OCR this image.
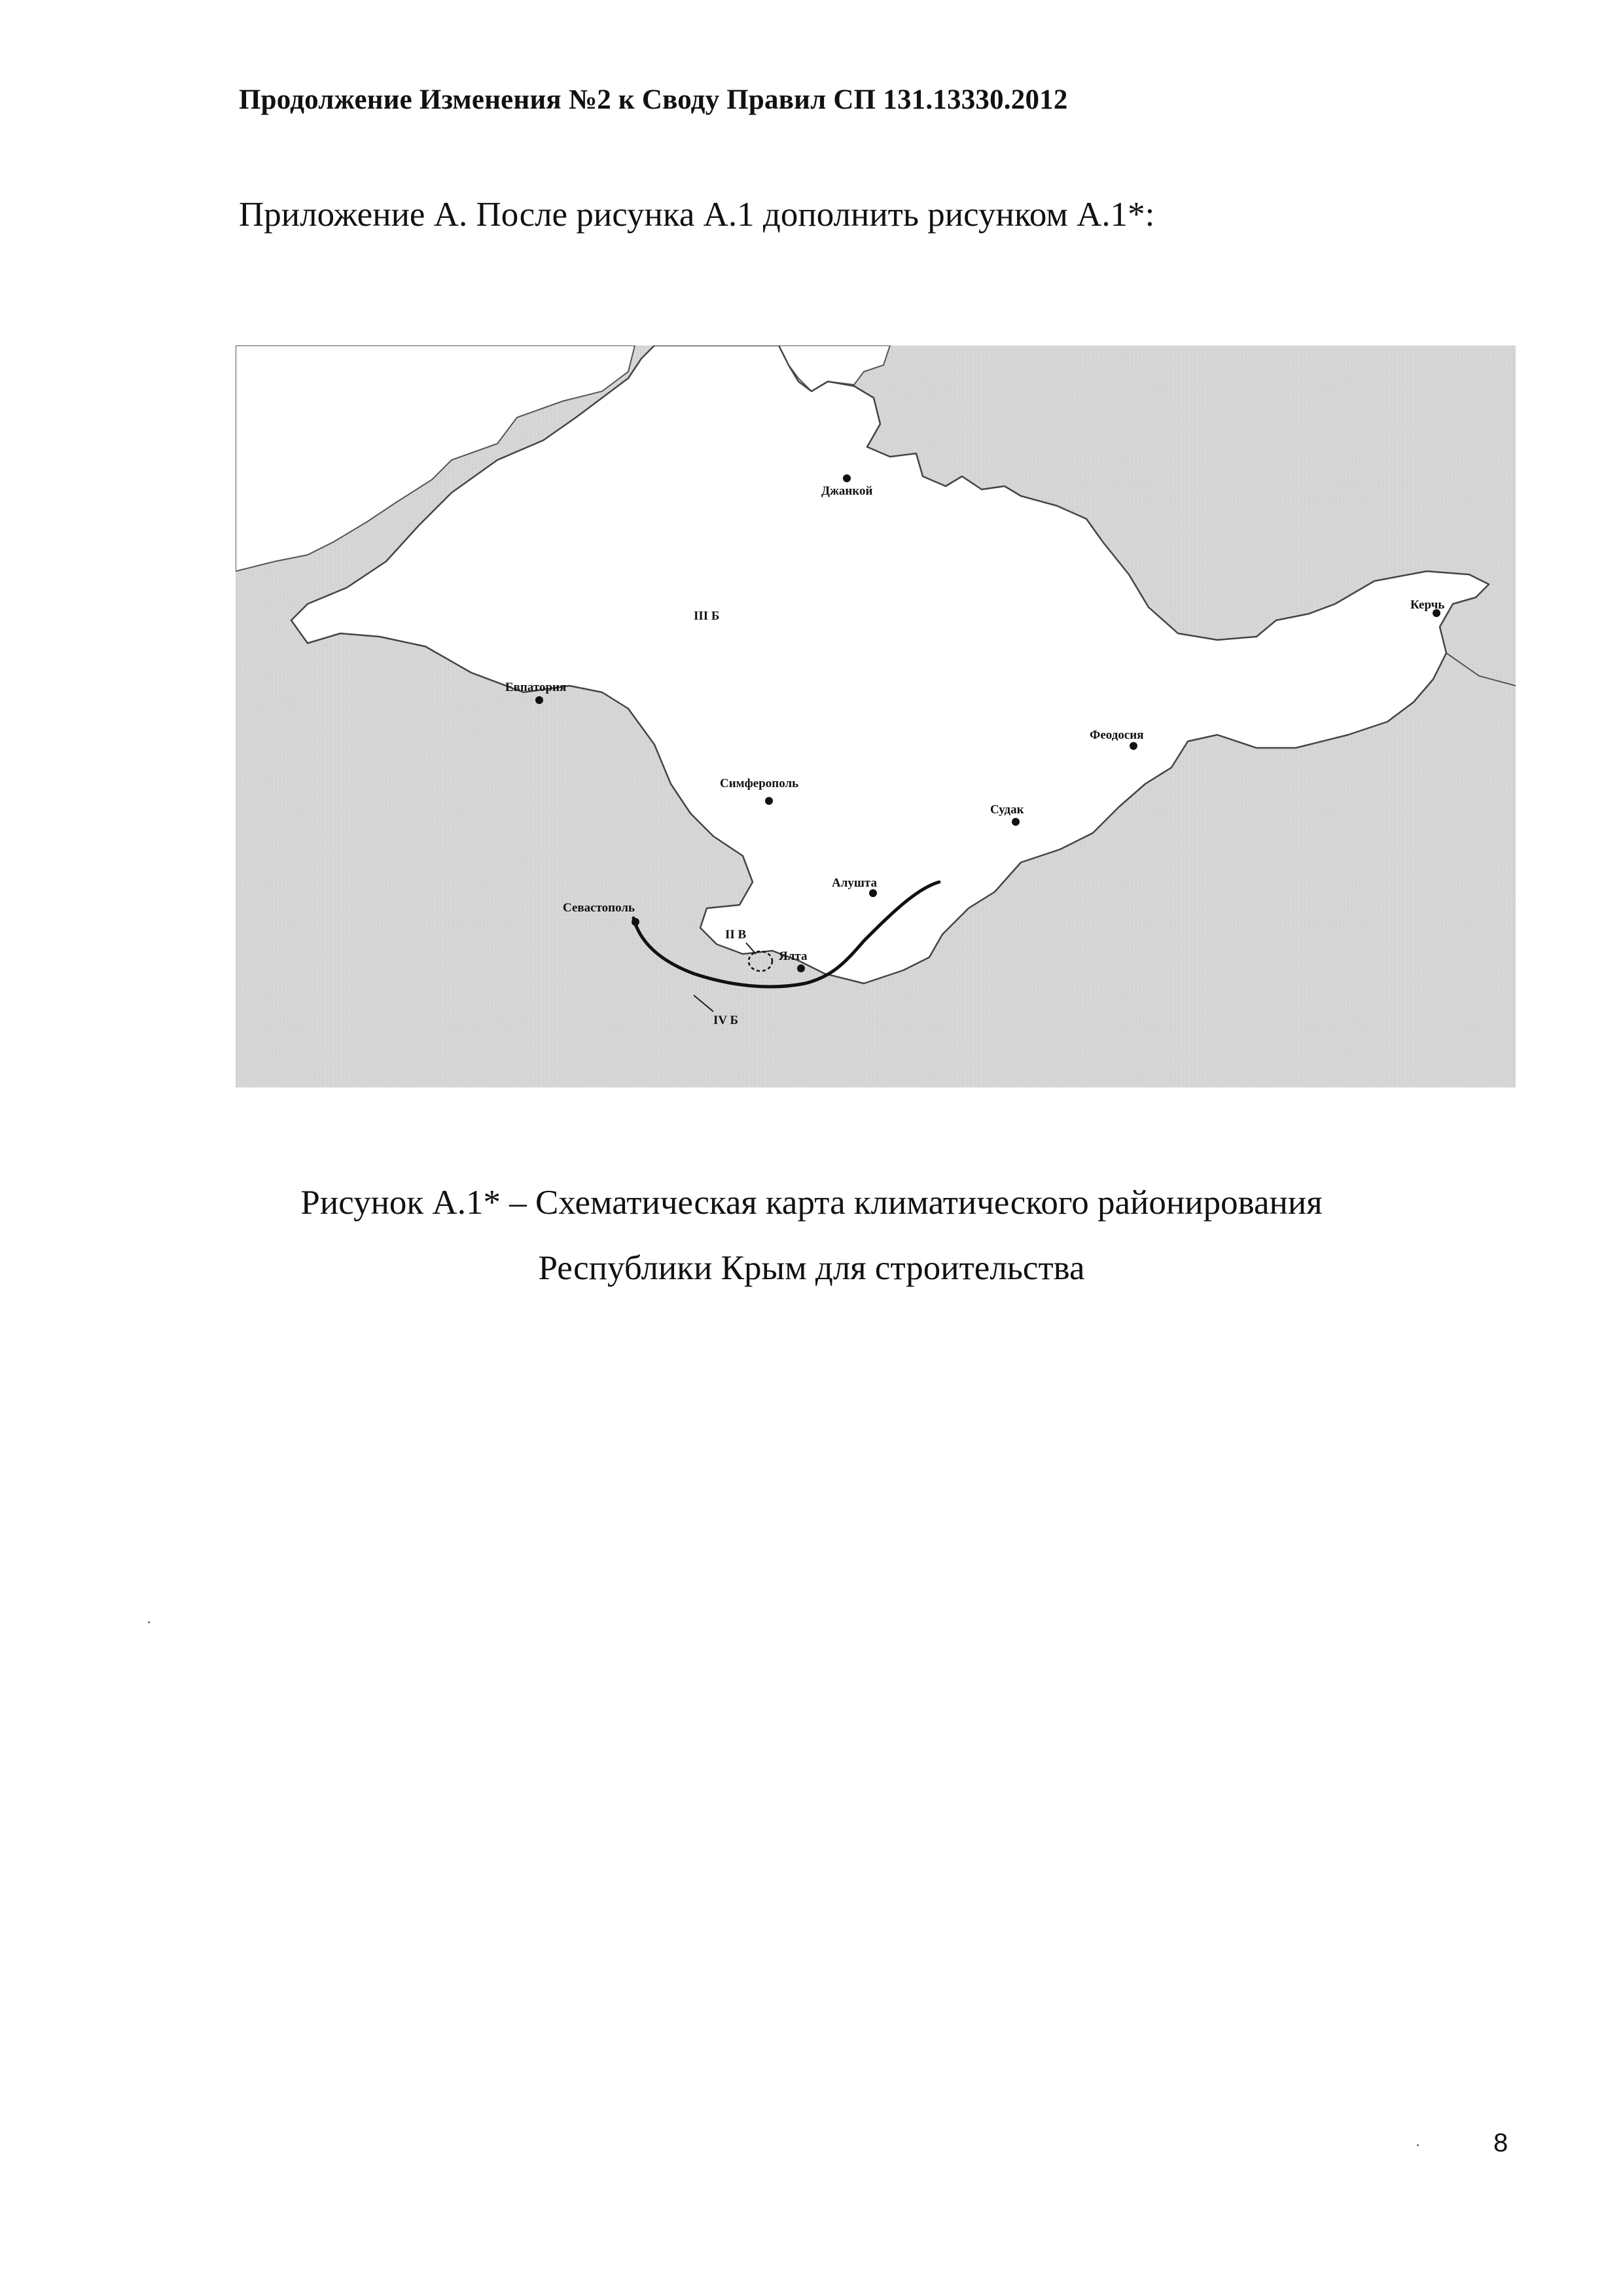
Продолжение Изменения №2 к Своду Правил СП 131.13330.2012
Приложение А. После рисунка А.1 дополнить рисунком А.1*:
Джанкой
Керчь
Евпатория
Феодосия
Симферополь
Судак
Алушта
Севастополь
Ялта
III Б
II В
IV Б
Рисунок А.1* – Схематическая карта климатического районирования
Республики Крым для строительства
8
